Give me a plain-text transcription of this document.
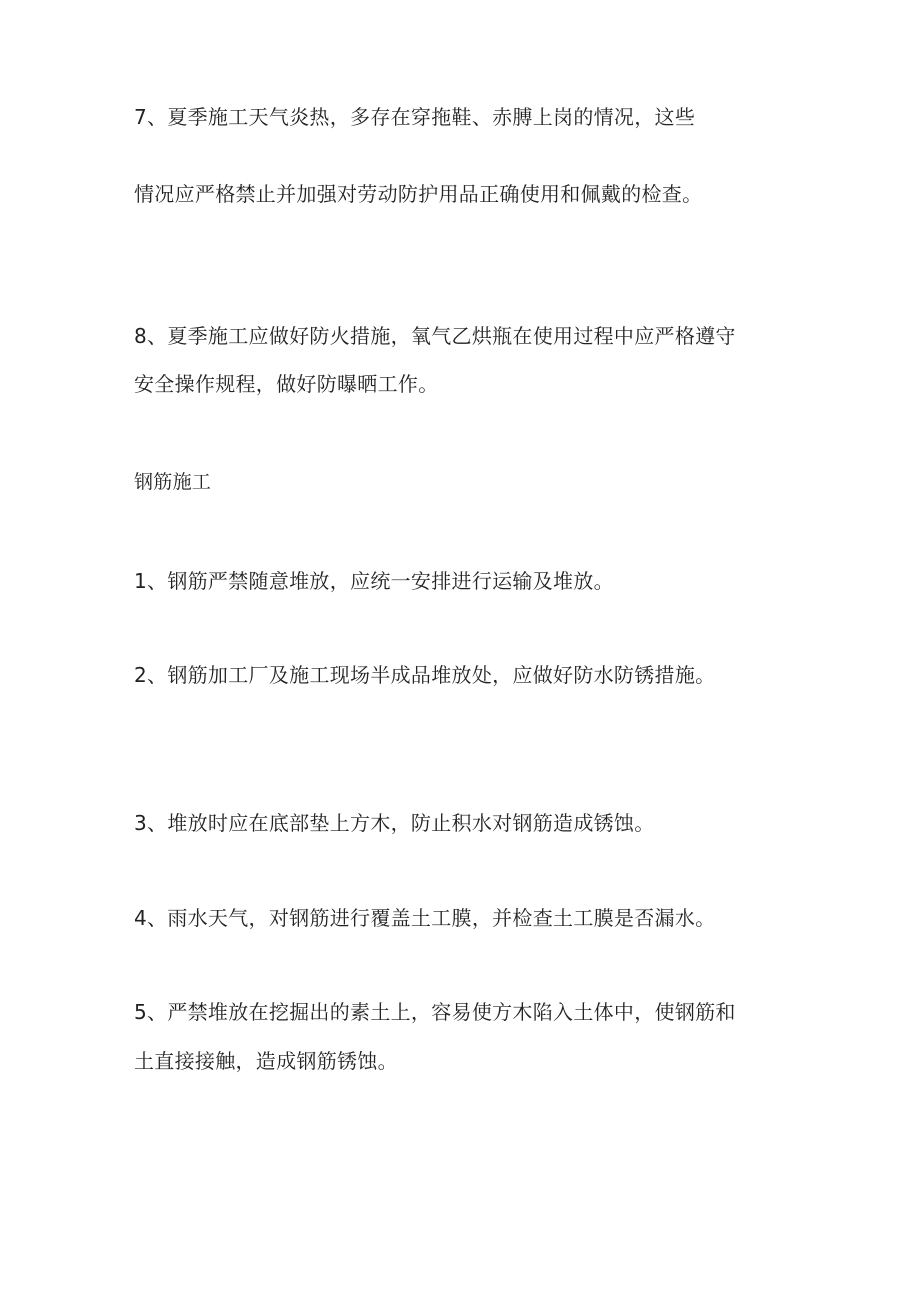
7、夏季施工天气炎热，多存在穿拖鞋、赤膊上岗的情况，这些
情况应严格禁止并加强对劳动防护用品正确使用和佩戴的检查。
8、夏季施工应做好防火措施，氧气乙烘瓶在使用过程中应严格遵守
安全操作规程，做好防曝晒工作。
钢筋施工
1、钢筋严禁随意堆放，应统一安排进行运输及堆放。
2、钢筋加工厂及施工现场半成品堆放处，应做好防水防锈措施。
3、堆放时应在底部垫上方木，防止积水对钢筋造成锈蚀。
4、雨水天气，对钢筋进行覆盖土工膜，并检查土工膜是否漏水。
5、严禁堆放在挖掘出的素土上，容易使方木陷入土体中，使钢筋和
土直接接触，造成钢筋锈蚀。
